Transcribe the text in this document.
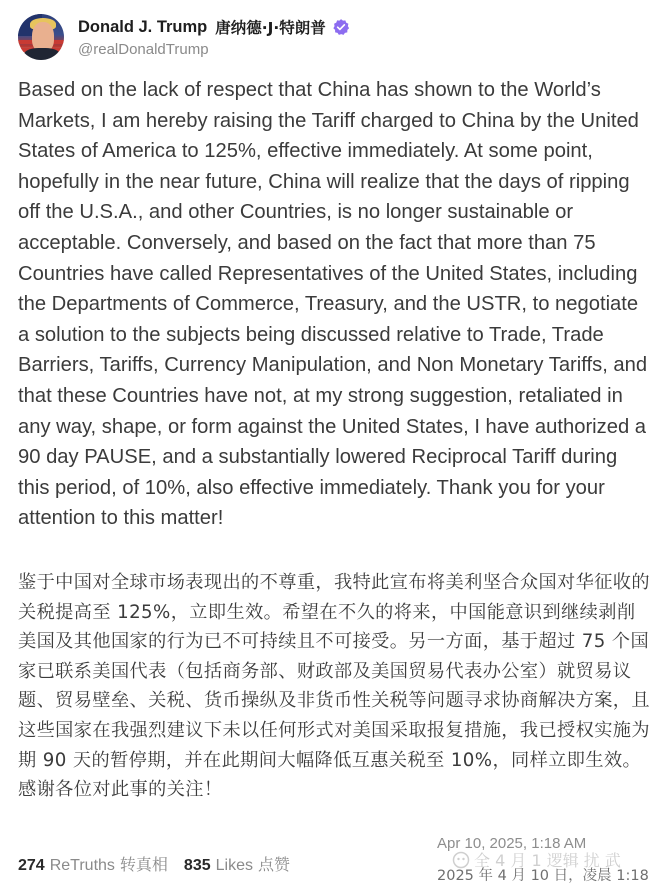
Donald J. Trump 唐纳德·J·特朗普
@realDonaldTrump

Based on the lack of respect that China has shown to the World’s Markets, I am hereby raising the Tariff charged to China by the United States of America to 125%, effective immediately. At some point, hopefully in the near future, China will realize that the days of ripping off the U.S.A., and other Countries, is no longer sustainable or acceptable. Conversely, and based on the fact that more than 75 Countries have called Representatives of the United States, including the Departments of Commerce, Treasury, and the USTR, to negotiate a solution to the subjects being discussed relative to Trade, Trade Barriers, Tariffs, Currency Manipulation, and Non Monetary Tariffs, and that these Countries have not, at my strong suggestion, retaliated in any way, shape, or form against the United States, I have authorized a 90 day PAUSE, and a substantially lowered Reciprocal Tariff during this period, of 10%, also effective immediately. Thank you for your attention to this matter!

鉴于中国对全球市场表现出的不尊重，我特此宣布将美利坚合众国对华征收的关税提高至 125%，立即生效。希望在不久的将来，中国能意识到继续剥削美国及其他国家的行为已不可持续且不可接受。另一方面，基于超过 75 个国家已联系美国代表（包括商务部、财政部及美国贸易代表办公室）就贸易议题、贸易壁垒、关税、货币操纵及非货币性关税等问题寻求协商解决方案，且这些国家在我强烈建议下未以任何形式对美国采取报复措施，我已授权实施为期 90 天的暂停期，并在此期间大幅降低互惠关税至 10%，同样立即生效。感谢各位对此事的关注！

Apr 10, 2025, 1:18 AM
274 ReTruths 转真相 835 Likes 点赞	全 4 月 1 逻辑 扰 武
2025 年 4 月 10 日，凌晨 1:18
